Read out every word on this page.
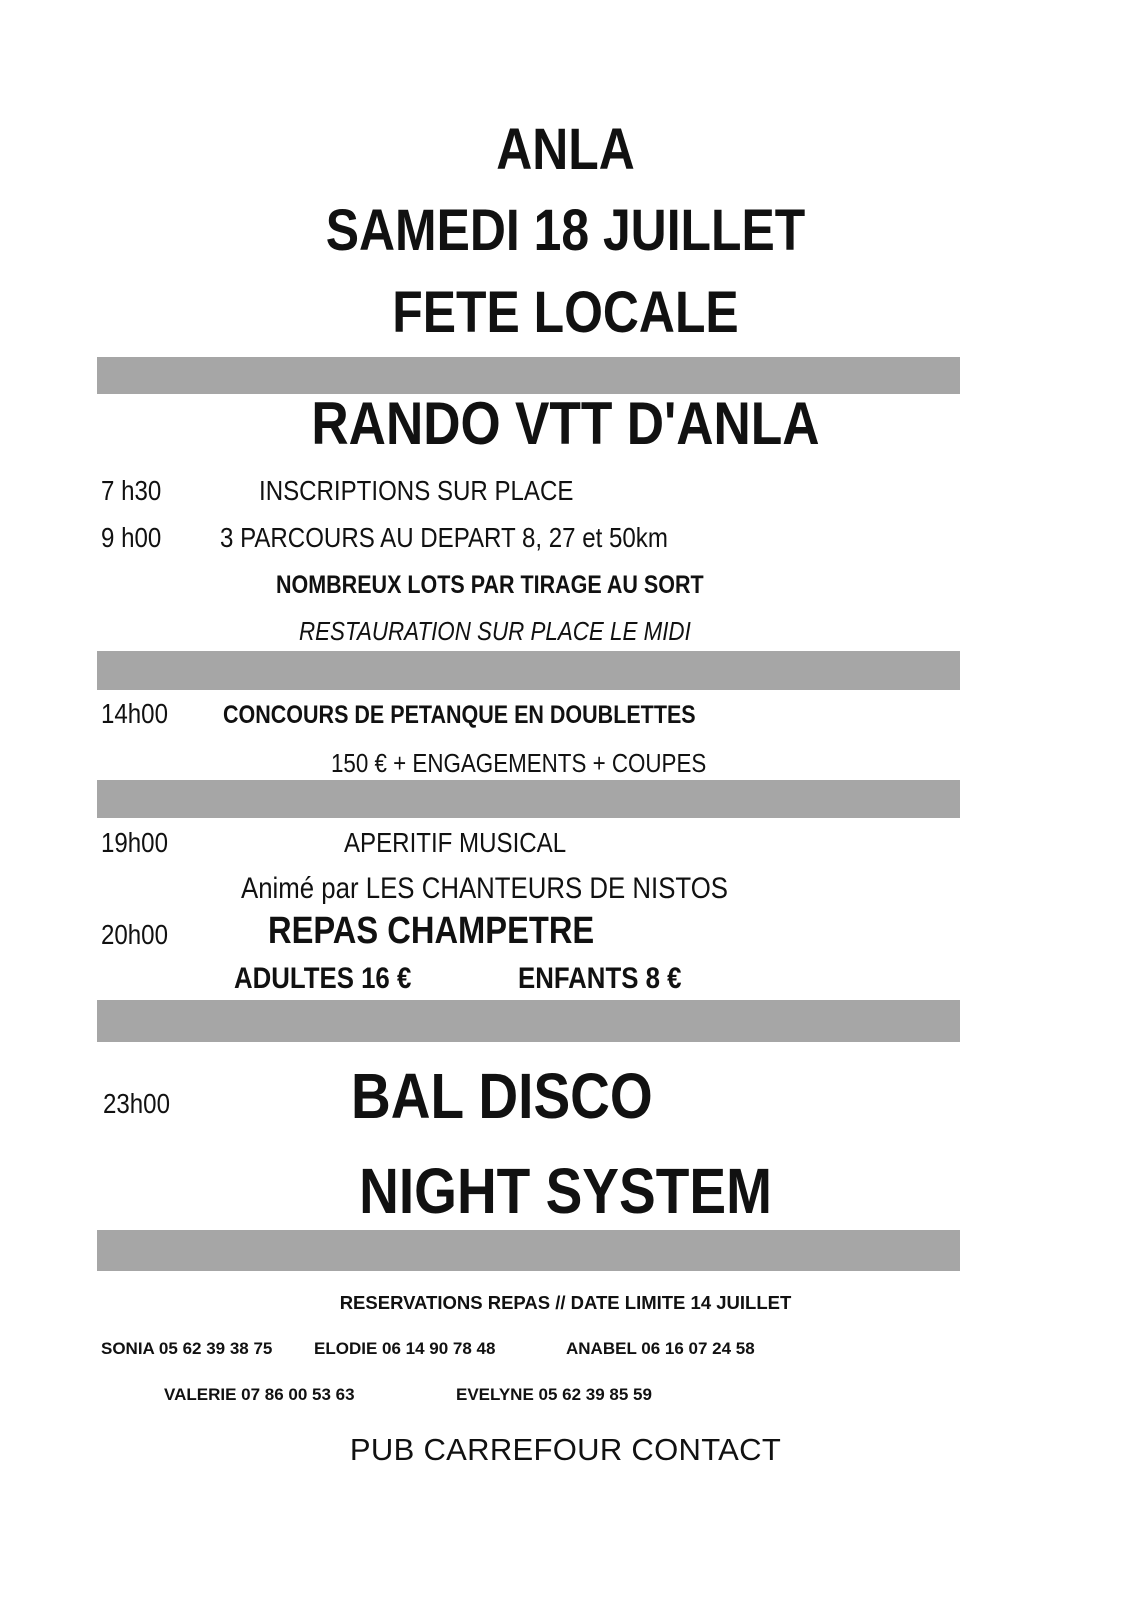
ANLA
SAMEDI 18 JUILLET
FETE LOCALE
RANDO VTT D'ANLA
7 h30	INSCRIPTIONS SUR PLACE
9 h00 3 PARCOURS AU DEPART 8, 27 et 50km
NOMBREUX LOTS PAR TIRAGE AU SORT
RESTAURATION SUR PLACE LE MIDI
14h00 CONCOURS DE PETANQUE EN DOUBLETTES
150 € + ENGAGEMENTS + COUPES
19h00	APERITIF MUSICAL
Animé par LES CHANTEURS DE NISTOS
20h00	REPAS CHAMPETRE
ADULTES 16 €	ENFANTS 8 €
23h00	BAL DISCO
NIGHT SYSTEM
RESERVATIONS REPAS // DATE LIMITE 14 JUILLET
SONIA 05 62 39 38 75 ELODIE 06 14 90 78 48	ANABEL 06 16 07 24 58
VALERIE 07 86 00 53 63	EVELYNE 05 62 39 85 59
PUB CARREFOUR CONTACT
